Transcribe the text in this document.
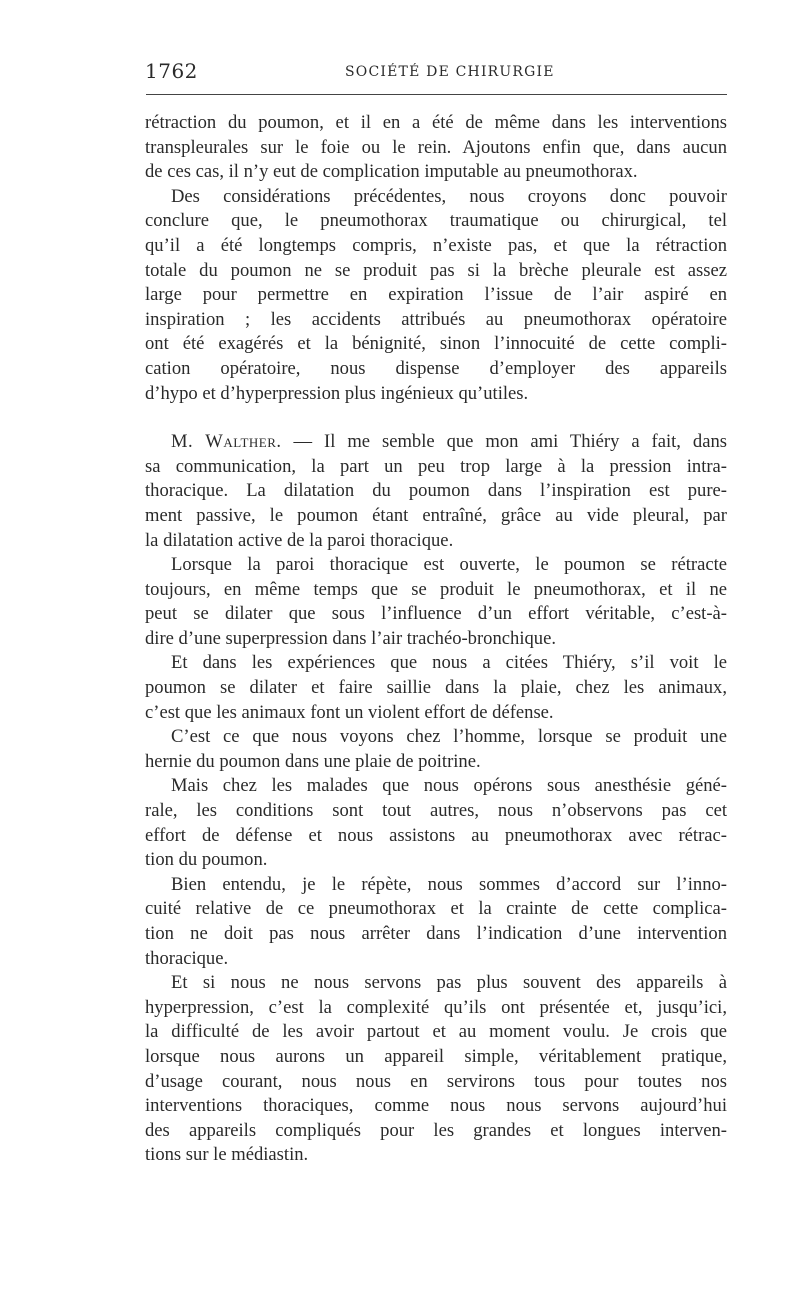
1762	SOCIÉTÉ DE CHIRURGIE
rétraction du poumon, et il en a été de même dans les interventions
transpleurales sur le foie ou le rein. Ajoutons enfin que, dans aucun
de ces cas, il n’y eut de complication imputable au pneumothorax.
Des considérations précédentes, nous croyons donc pouvoir
conclure que, le pneumothorax traumatique ou chirurgical, tel
qu’il a été longtemps compris, n’existe pas, et que la rétraction
totale du poumon ne se produit pas si la brèche pleurale est assez
large pour permettre en expiration l’issue de l’air aspiré en
inspiration ; les accidents attribués au pneumothorax opératoire
ont été exagérés et la bénignité, sinon l’innocuité de cette compli-
cation opératoire, nous dispense d’employer des appareils
d’hypo et d’hyperpression plus ingénieux qu’utiles.
M. Walther. — Il me semble que mon ami Thiéry a fait, dans
sa communication, la part un peu trop large à la pression intra-
thoracique. La dilatation du poumon dans l’inspiration est pure-
ment passive, le poumon étant entraîné, grâce au vide pleural, par
la dilatation active de la paroi thoracique.
Lorsque la paroi thoracique est ouverte, le poumon se rétracte
toujours, en même temps que se produit le pneumothorax, et il ne
peut se dilater que sous l’influence d’un effort véritable, c’est-à-
dire d’une superpression dans l’air trachéo-bronchique.
Et dans les expériences que nous a citées Thiéry, s’il voit le
poumon se dilater et faire saillie dans la plaie, chez les animaux,
c’est que les animaux font un violent effort de défense.
C’est ce que nous voyons chez l’homme, lorsque se produit une
hernie du poumon dans une plaie de poitrine.
Mais chez les malades que nous opérons sous anesthésie géné-
rale, les conditions sont tout autres, nous n’observons pas cet
effort de défense et nous assistons au pneumothorax avec rétrac-
tion du poumon.
Bien entendu, je le répète, nous sommes d’accord sur l’inno-
cuité relative de ce pneumothorax et la crainte de cette complica-
tion ne doit pas nous arrêter dans l’indication d’une intervention
thoracique.
Et si nous ne nous servons pas plus souvent des appareils à
hyperpression, c’est la complexité qu’ils ont présentée et, jusqu’ici,
la difficulté de les avoir partout et au moment voulu. Je crois que
lorsque nous aurons un appareil simple, véritablement pratique,
d’usage courant, nous nous en servirons tous pour toutes nos
interventions thoraciques, comme nous nous servons aujourd’hui
des appareils compliqués pour les grandes et longues interven-
tions sur le médiastin.
